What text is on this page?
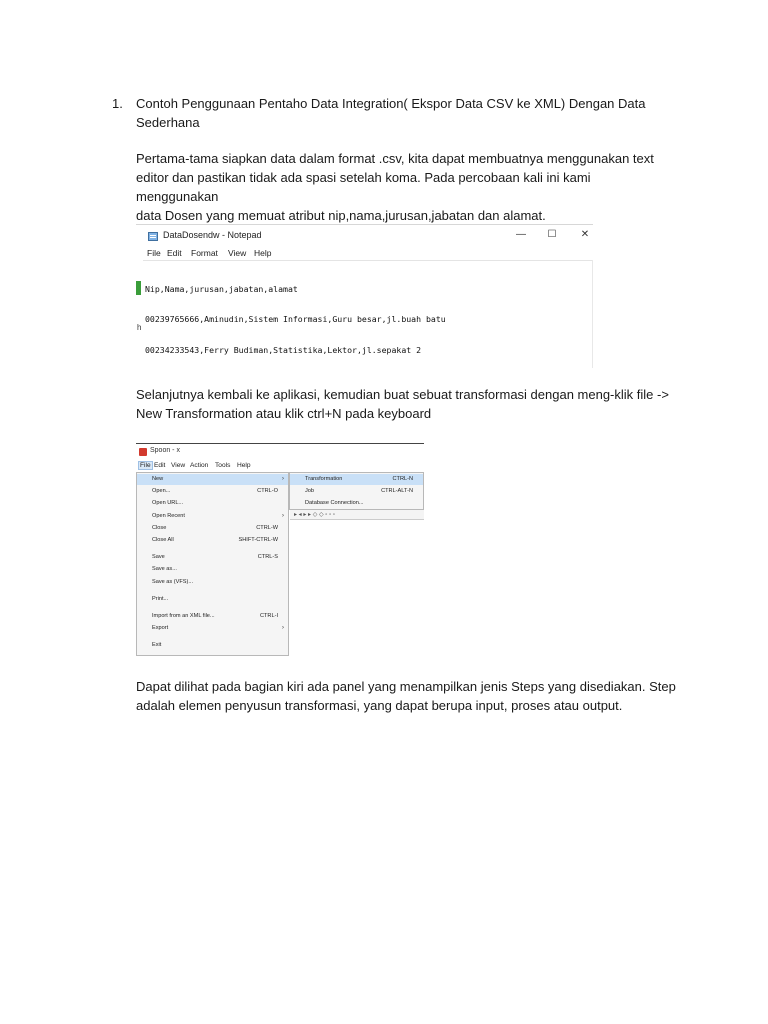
1. Contoh Penggunaan Pentaho Data Integration( Ekspor Data CSV ke XML) Dengan Data
Sederhana

Pertama-tama siapkan data dalam format .csv, kita dapat membuatnya menggunakan text
editor dan pastikan tidak ada spasi setelah koma. Pada percobaan kali ini kami menggunakan
data Dosen yang memuat atribut nip,nama,jurusan,jabatan dan alamat.

DataDosendw - Notepad	— ☐ ✕
File Edit Format View Help
h

Nip,Nama,jurusan,jabatan,alamat

00239765666,Aminudin,Sistem Informasi,Guru besar,jl.buah batu

00234233543,Ferry Budiman,Statistika,Lektor,jl.sepakat 2

Selanjutnya kembali ke aplikasi, kemudian buat sebuat transformasi dengan meng-klik file ->
New Transformation atau klik ctrl+N pada keyboard

Spoon - x
File Edit View Action Tools Help
New	›
Open...	CTRL-O
Open URL...
Open Recent	›
Close	CTRL-W
Close All	SHIFT-CTRL-W
Save	CTRL-S
Save as...
Save as (VFS)...
Print...
Import from an XML file...	CTRL-I
Export	›
Exit
Transformation	CTRL-N
Job	CTRL-ALT-N
Database Connection...
▸ ◂ ▸ ▸ ◇ ◇ ▫ ▫ ▫

Dapat dilihat pada bagian kiri ada panel yang menampilkan jenis Steps yang disediakan. Step
adalah elemen penyusun transformasi, yang dapat berupa input, proses atau output.
